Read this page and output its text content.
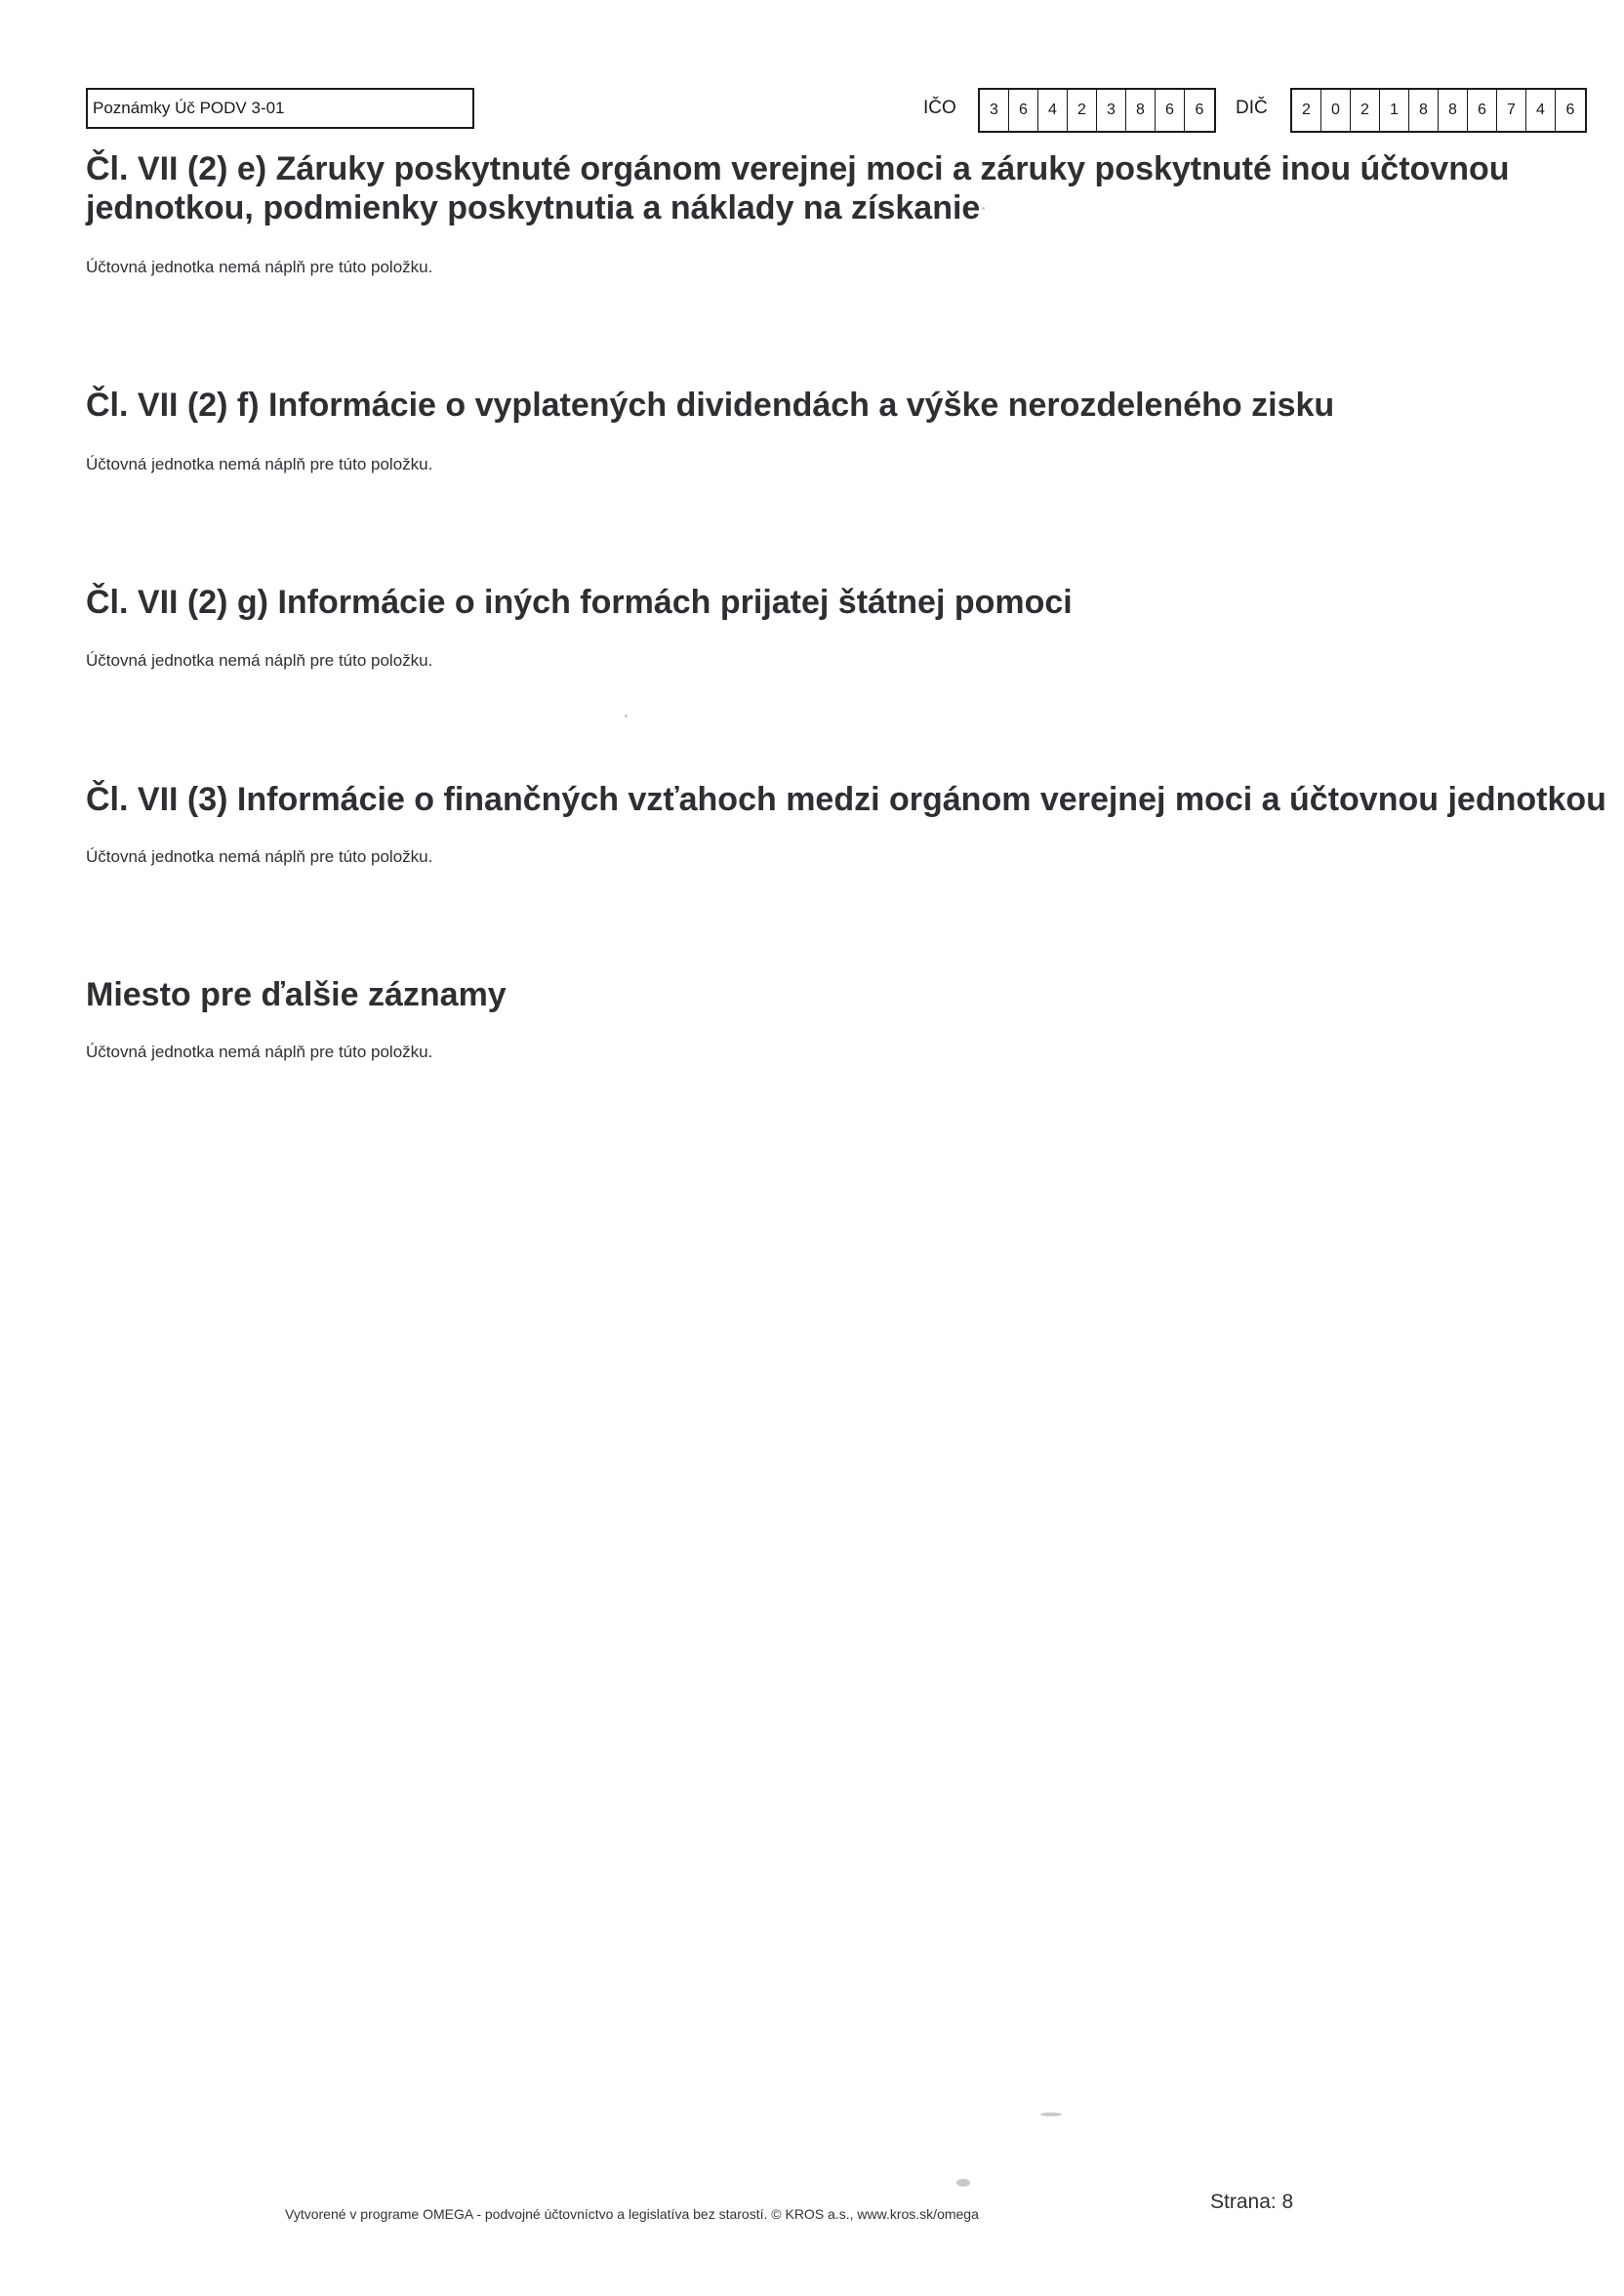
Poznámky Úč PODV 3-01	IČO	3	6	4	2	3	8	6	6	DIČ	2	0	2	1	8	8	6	7	4	6
Čl. VII (2) e) Záruky poskytnuté orgánom verejnej moci a záruky poskytnuté inou účtovnou
jednotkou, podmienky poskytnutia a náklady na získanie

Účtovná jednotka nemá náplň pre túto položku.

Čl. VII (2) f) Informácie o vyplatených dividendách a výške nerozdeleného zisku

Účtovná jednotka nemá náplň pre túto položku.

Čl. VII (2) g) Informácie o iných formách prijatej štátnej pomoci

Účtovná jednotka nemá náplň pre túto položku.

Čl. VII (3) Informácie o finančných vzťahoch medzi orgánom verejnej moci a účtovnou jednotkou

Účtovná jednotka nemá náplň pre túto položku.

Miesto pre ďalšie záznamy

Účtovná jednotka nemá náplň pre túto položku.

Vytvorené v programe OMEGA - podvojné účtovníctvo a legislatíva bez starostí. © KROS a.s., www.kros.sk/omega
Strana: 8
